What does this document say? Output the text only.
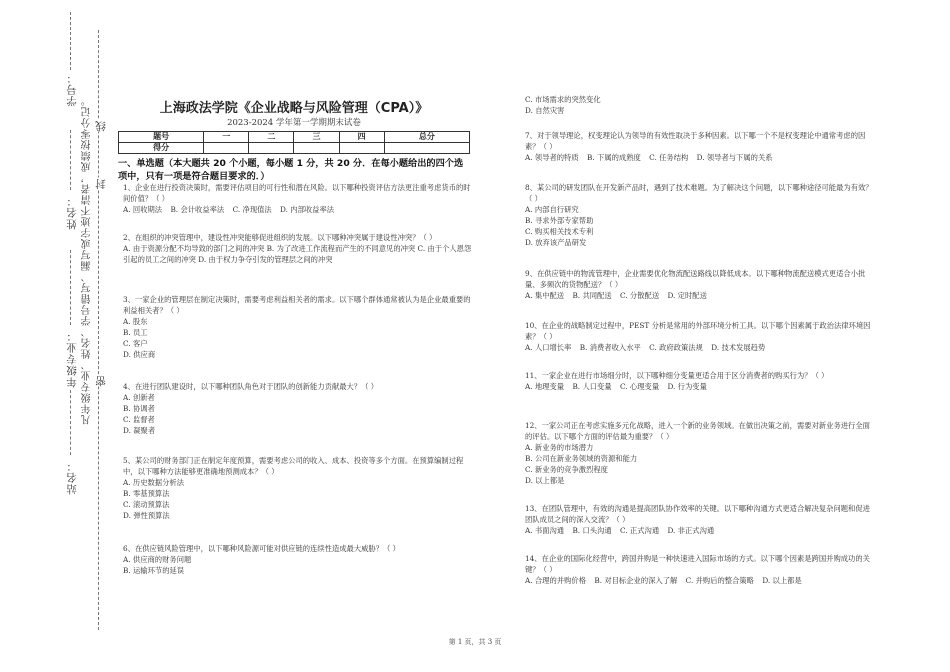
学号：
姓名：
年级专业：
站名：
凡年级专业、姓名、学号错写、漏写或字迹不清者，成绩按零分记。 密
封
线
上海政法学院《企业战略与风险管理（CPA）》
2023-2024 学年第一学期期末试卷
题号	一	二	三	四	总分
得分					
一、单选题（本大题共 20 个小题，每小题 1 分，共 20 分．在每小题给出的四个选项中，只有一项是符合题目要求的．）
1、企业在进行投资决策时，需要评估项目的可行性和潜在风险。以下哪种投资评估方法更注重考虑货币的时间价值？（ ）
A. 回收期法 B. 会计收益率法 C. 净现值法 D. 内部收益率法
2、在组织的冲突管理中，建设性冲突能够促进组织的发展。以下哪种冲突属于建设性冲突？（ ）
A. 由于资源分配不均导致的部门之间的冲突 B. 为了改进工作流程而产生的不同意见的冲突 C. 由于个人恩怨引起的员工之间的冲突 D. 由于权力争夺引发的管理层之间的冲突
3、一家企业的管理层在制定决策时，需要考虑利益相关者的需求。以下哪个群体通常被认为是企业最重要的利益相关者？（ ）
A. 股东
B. 员工
C. 客户
D. 供应商
4、在进行团队建设时，以下哪种团队角色对于团队的创新能力贡献最大？（ ）
A. 创新者
B. 协调者
C. 监督者
D. 凝聚者
5、某公司的财务部门正在制定年度预算，需要考虑公司的收入、成本、投资等多个方面。在预算编制过程中，以下哪种方法能够更准确地预测成本？（ ）
A. 历史数据分析法
B. 零基预算法
C. 滚动预算法
D. 弹性预算法
6、在供应链风险管理中，以下哪种风险源可能对供应链的连续性造成最大威胁？（ ）
A. 供应商的财务问题
B. 运输环节的延误
C. 市场需求的突然变化
D. 自然灾害
7、对于领导理论，权变理论认为领导的有效性取决于多种因素。以下哪一个不是权变理论中通常考虑的因素？（ ）
A. 领导者的特质 B. 下属的成熟度 C. 任务结构 D. 领导者与下属的关系
8、某公司的研发团队在开发新产品时，遇到了技术难题。为了解决这个问题，以下哪种途径可能最为有效？（ ）
A. 内部自行研究
B. 寻求外部专家帮助
C. 购买相关技术专利
D. 放弃该产品研发
9、在供应链中的物流管理中，企业需要优化物流配送路线以降低成本。以下哪种物流配送模式更适合小批量、多频次的货物配送？（ ）
A. 集中配送 B. 共同配送 C. 分散配送 D. 定时配送
10、在企业的战略制定过程中，PEST 分析是常用的外部环境分析工具。以下哪个因素属于政治法律环境因素？（ ）
A. 人口增长率 B. 消费者收入水平 C. 政府政策法规 D. 技术发展趋势
11、一家企业在进行市场细分时，以下哪种细分变量更适合用于区分消费者的购买行为？（ ）
A. 地理变量 B. 人口变量 C. 心理变量 D. 行为变量
12、一家公司正在考虑实施多元化战略，进入一个新的业务领域。在做出决策之前，需要对新业务进行全面的评估。以下哪个方面的评估最为重要？（ ）
A. 新业务的市场潜力
B. 公司在新业务领域的资源和能力
C. 新业务的竞争激烈程度
D. 以上都是
13、在团队管理中，有效的沟通是提高团队协作效率的关键。以下哪种沟通方式更适合解决复杂问题和促进团队成员之间的深入交流？（ ）
A. 书面沟通 B. 口头沟通 C. 正式沟通 D. 非正式沟通
14、在企业的国际化经营中，跨国并购是一种快速进入国际市场的方式。以下哪个因素是跨国并购成功的关键？（ ）
A. 合理的并购价格 B. 对目标企业的深入了解 C. 并购后的整合策略 D. 以上都是
第 1 页，共 3 页
